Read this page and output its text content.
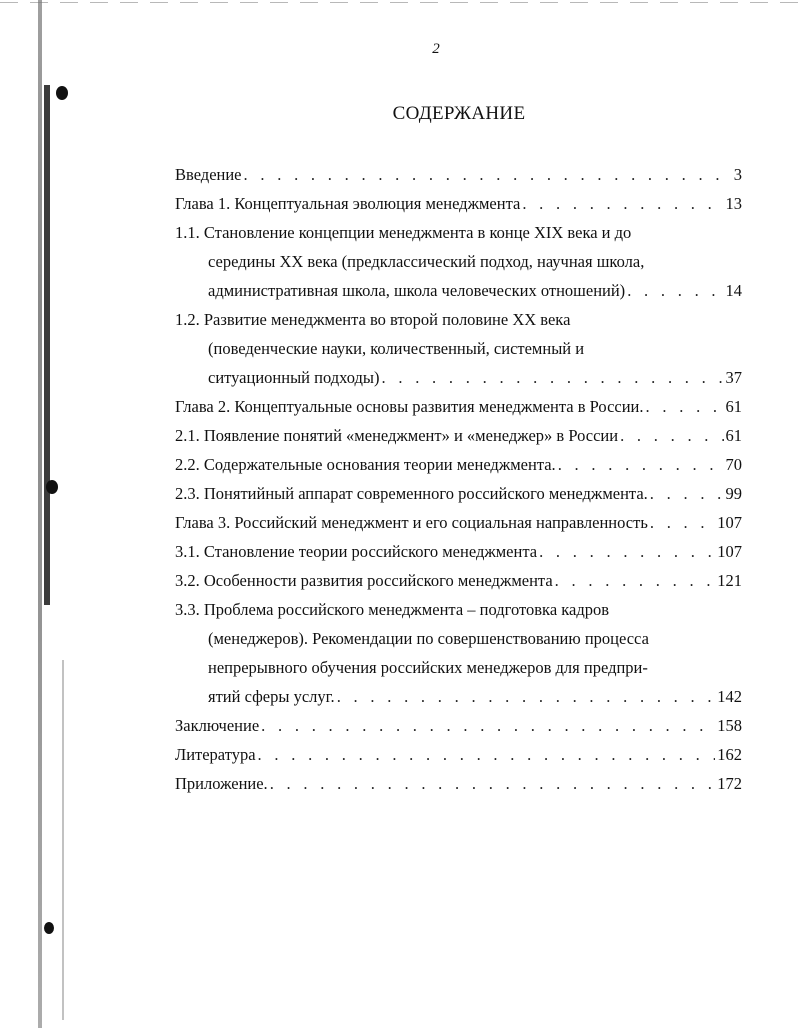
2
СОДЕРЖАНИЕ
Введение . . .	3
Глава 1. Концептуальная эволюция менеджмента . . .	13
1.1. Становление концепции менеджмента в конце XIX века и до
середины XX века (предклассический подход, научная школа,
административная школа, школа человеческих отношений) . . .	14
1.2. Развитие менеджмента во второй половине XX века
(поведенческие науки, количественный, системный и
ситуационный подходы) . . .	37
Глава 2. Концептуальные основы развития менеджмента в России. . . .	61
2.1. Появление понятий «менеджмент» и «менеджер» в России . . .	61
2.2. Содержательные основания теории менеджмента. . . .	70
2.3. Понятийный аппарат современного российского менеджмента. . . .	99
Глава 3. Российский менеджмент и его социальная направленность . . .	107
3.1. Становление теории российского менеджмента . . .	107
3.2. Особенности развития российского менеджмента . . .	121
3.3. Проблема российского менеджмента – подготовка кадров
(менеджеров). Рекомендации по совершенствованию процесса
непрерывного обучения российских менеджеров для предпри-
ятий сферы услуг. . . .	142
Заключение . . .	158
Литература . . .	162
Приложение. . . .	172
